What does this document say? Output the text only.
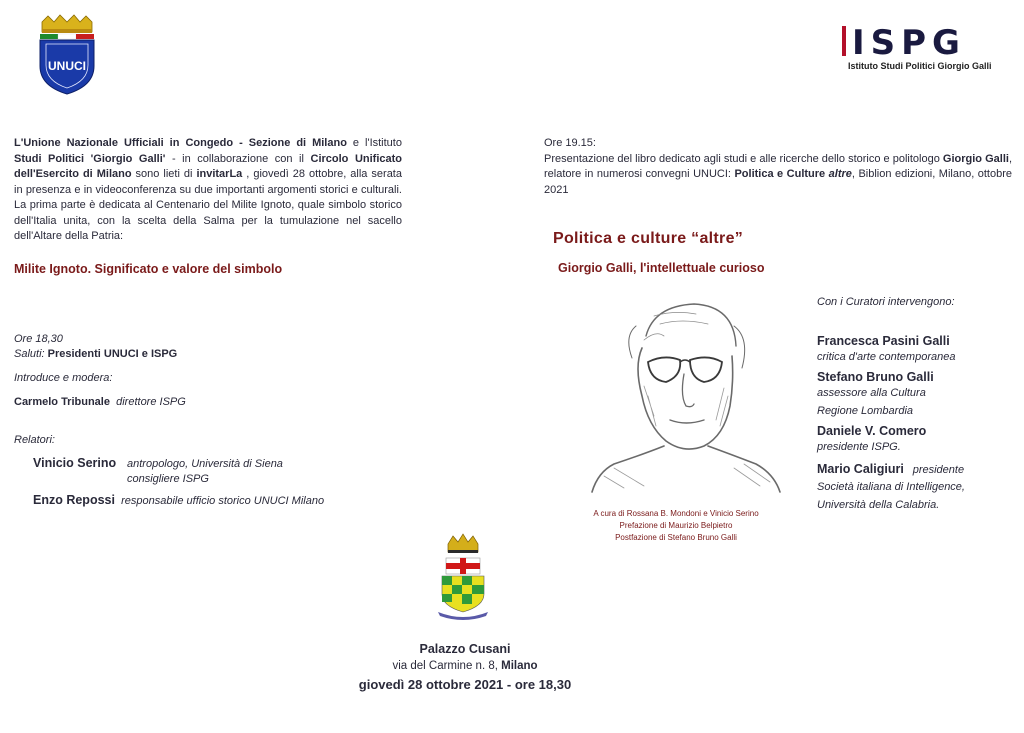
UNUCI
ISPG
Istituto Studi Politici Giorgio Galli
L'Unione Nazionale Ufficiali in Congedo - Sezione di Milano e l'Istituto Studi Politici 'Giorgio Galli' - in collaborazione con il Circolo Unificato dell'Esercito di Milano sono lieti di invitarLa , giovedì 28 ottobre, alla serata in presenza e in videoconferenza su due importanti argomenti storici e culturali. La prima parte è dedicata al Centenario del Milite Ignoto, quale simbolo storico dell'Italia unita, con la scelta della Salma per la tumulazione nel sacello dell'Altare della Patria:
Milite Ignoto. Significato e valore del simbolo
Ore 18,30
Saluti: Presidenti UNUCI e ISPG
Introduce e modera:
Carmelo Tribunale direttore ISPG
Relatori:
Vinicio Serino antropologo, Università di Siena
consigliere ISPG
Enzo Repossi responsabile ufficio storico UNUCI Milano
Ore 19.15:
Presentazione del libro dedicato agli studi e alle ricerche dello storico e politologo Giorgio Galli, relatore in numerosi convegni UNUCI: Politica e Culture altre, Biblion edizioni, Milano, ottobre 2021
Politica e culture “altre”
Giorgio Galli, l'intellettuale curioso
A cura di Rossana B. Mondoni e Vinicio Serino
Prefazione di Maurizio Belpietro
Postfazione di Stefano Bruno Galli
Con i Curatori intervengono:
Francesca Pasini Galli
critica d'arte contemporanea
Stefano Bruno Galli
assessore alla Cultura
Regione Lombardia
Daniele V. Comero
presidente ISPG.
Mario Caligiuri presidente
Società italiana di Intelligence,
Università della Calabria.
Palazzo Cusani
via del Carmine n. 8, Milano
giovedì 28 ottobre 2021 - ore 18,30
